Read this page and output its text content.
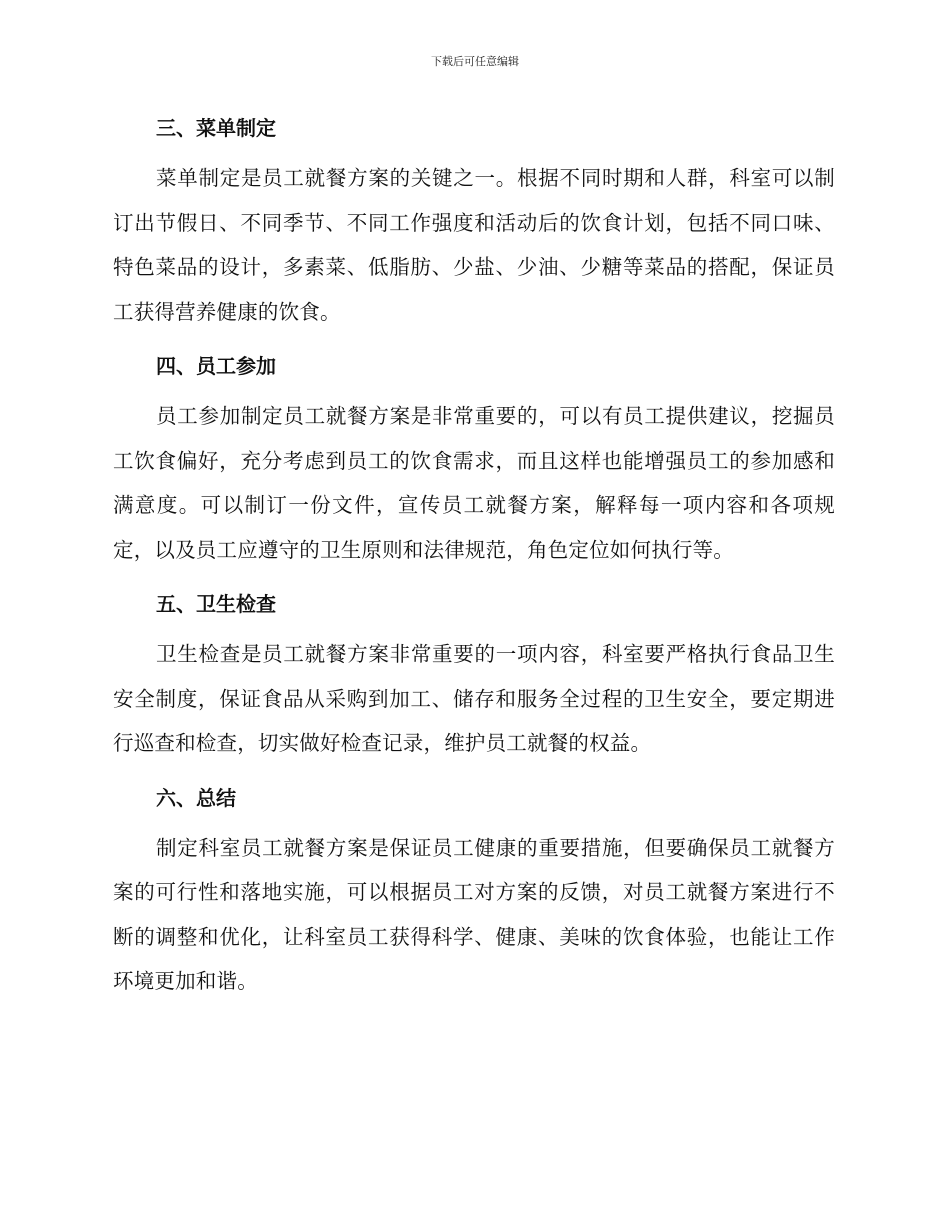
下载后可任意编辑
三、菜单制定

菜单制定是员工就餐方案的关键之一。根据不同时期和人群，科室可以制订出节假日、不同季节、不同工作强度和活动后的饮食计划，包括不同口味、特色菜品的设计，多素菜、低脂肪、少盐、少油、少糖等菜品的搭配，保证员工获得营养健康的饮食。

四、员工参加

员工参加制定员工就餐方案是非常重要的，可以有员工提供建议，挖掘员工饮食偏好，充分考虑到员工的饮食需求，而且这样也能增强员工的参加感和满意度。可以制订一份文件，宣传员工就餐方案，解释每一项内容和各项规定，以及员工应遵守的卫生原则和法律规范，角色定位如何执行等。

五、卫生检查

卫生检查是员工就餐方案非常重要的一项内容，科室要严格执行食品卫生安全制度，保证食品从采购到加工、储存和服务全过程的卫生安全，要定期进行巡查和检查，切实做好检查记录，维护员工就餐的权益。

六、总结

制定科室员工就餐方案是保证员工健康的重要措施，但要确保员工就餐方案的可行性和落地实施，可以根据员工对方案的反馈，对员工就餐方案进行不断的调整和优化，让科室员工获得科学、健康、美味的饮食体验，也能让工作环境更加和谐。
